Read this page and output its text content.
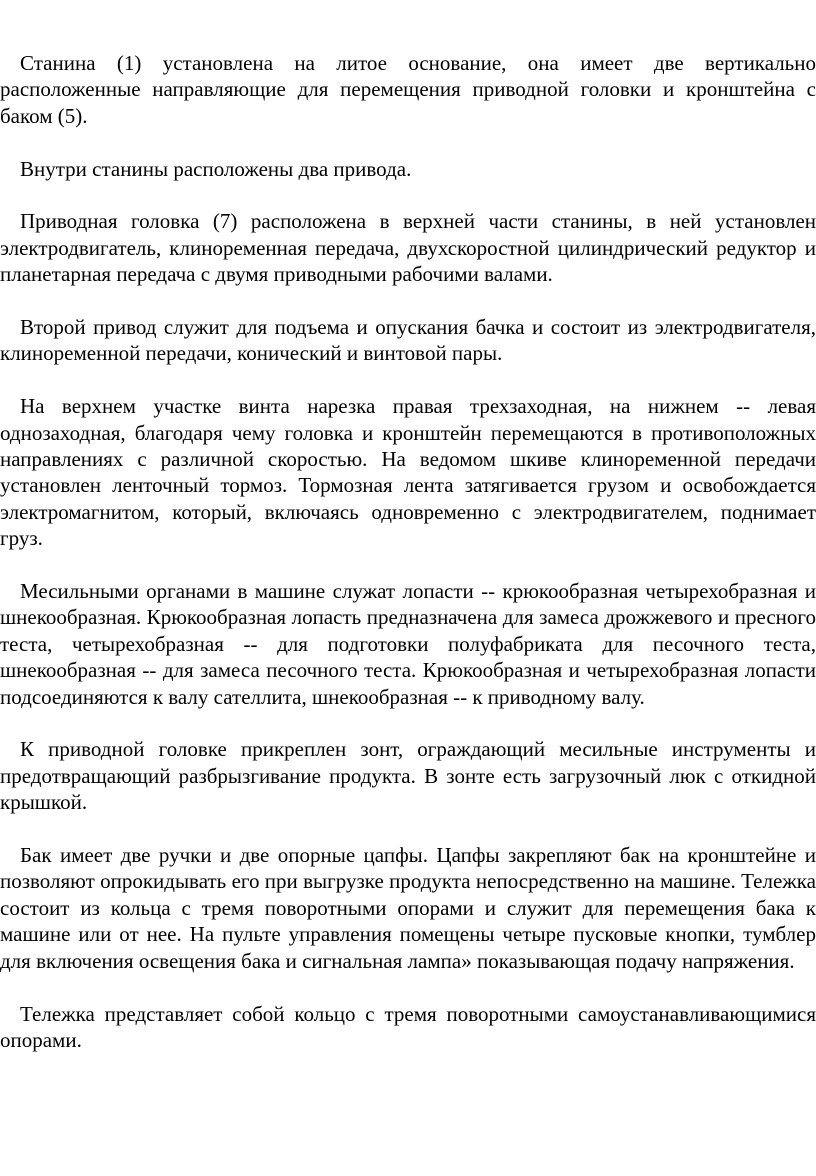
Станина (1) установлена на литое основание, она имеет две вертикально расположенные направляющие для перемещения приводной головки и кронштейна с баком (5).

Внутри станины расположены два привода.

Приводная головка (7) расположена в верхней части станины, в ней установлен электродвигатель, клиноременная передача, двухскоростной цилиндрический редуктор и планетарная передача с двумя приводными рабочими валами.

Второй привод служит для подъема и опускания бачка и состоит из электродвигателя, клиноременной передачи, конический и винтовой пары.

На верхнем участке винта нарезка правая трехзаходная, на нижнем -- левая однозаходная, благодаря чему головка и кронштейн перемещаются в противоположных направлениях с различной скоростью. На ведомом шкиве клиноременной передачи установлен ленточный тормоз. Тормозная лента затягивается грузом и освобождается электромагнитом, который, включаясь одновременно с электродвигателем, поднимает груз.

Месильными органами в машине служат лопасти -- крюкообразная четырехобразная и шнекообразная. Крюкообразная лопасть предназначена для замеса дрожжевого и пресного теста, четырехобразная -- для подготовки полуфабриката для песочного теста, шнекообразная -- для замеса песочного теста. Крюкообразная и четырехобразная лопасти подсоединяются к валу сателлита, шнекообразная -- к приводному валу.

К приводной головке прикреплен зонт, ограждающий месильные инструменты и предотвращающий разбрызгивание продукта. В зонте есть загрузочный люк с откидной крышкой.

Бак имеет две ручки и две опорные цапфы. Цапфы закрепляют бак на кронштейне и позволяют опрокидывать его при выгрузке продукта непосредственно на машине. Тележка состоит из кольца с тремя поворотными опорами и служит для перемещения бака к машине или от нее. На пульте управления помещены четыре пусковые кнопки, тумблер для включения освещения бака и сигнальная лампа» показывающая подачу напряжения.

Тележка представляет собой кольцо с тремя поворотными самоустанавливающимися опорами.
